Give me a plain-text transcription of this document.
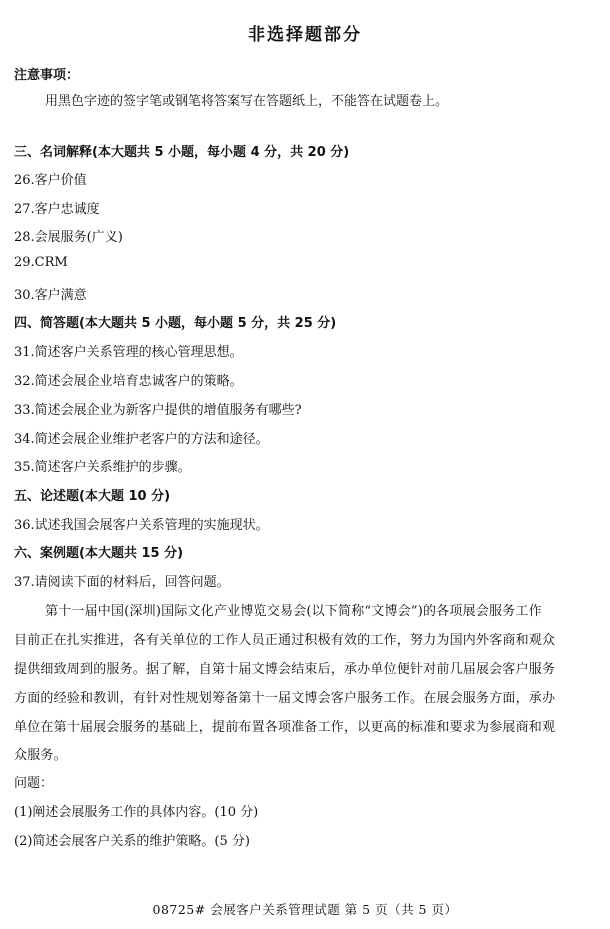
非选择题部分
注意事项：
用黑色字迹的签字笔或钢笔将答案写在答题纸上，不能答在试题卷上。
三、名词解释(本大题共 5 小题，每小题 4 分，共 20 分)
26.客户价值
27.客户忠诚度
28.会展服务(广义)
29.CRM
30.客户满意
四、简答题(本大题共 5 小题，每小题 5 分，共 25 分)
31.简述客户关系管理的核心管理思想。
32.简述会展企业培育忠诚客户的策略。
33.简述会展企业为新客户提供的增值服务有哪些?
34.简述会展企业维护老客户的方法和途径。
35.简述客户关系维护的步骤。
五、论述题(本大题 10 分)
36.试述我国会展客户关系管理的实施现状。
六、案例题(本大题共 15 分)
37.请阅读下面的材料后，回答问题。
第十一届中国(深圳)国际文化产业博览交易会(以下简称“文博会”)的各项展会服务工作
目前正在扎实推进，各有关单位的工作人员正通过积极有效的工作，努力为国内外客商和观众
提供细致周到的服务。据了解，自第十届文博会结束后，承办单位便针对前几届展会客户服务
方面的经验和教训，有针对性规划筹备第十一届文博会客户服务工作。在展会服务方面，承办
单位在第十届展会服务的基础上，提前布置各项准备工作，以更高的标准和要求为参展商和观
众服务。
问题：
(1)阐述会展服务工作的具体内容。(10 分)
(2)简述会展客户关系的维护策略。(5 分)
08725# 会展客户关系管理试题 第 5 页（共 5 页）
